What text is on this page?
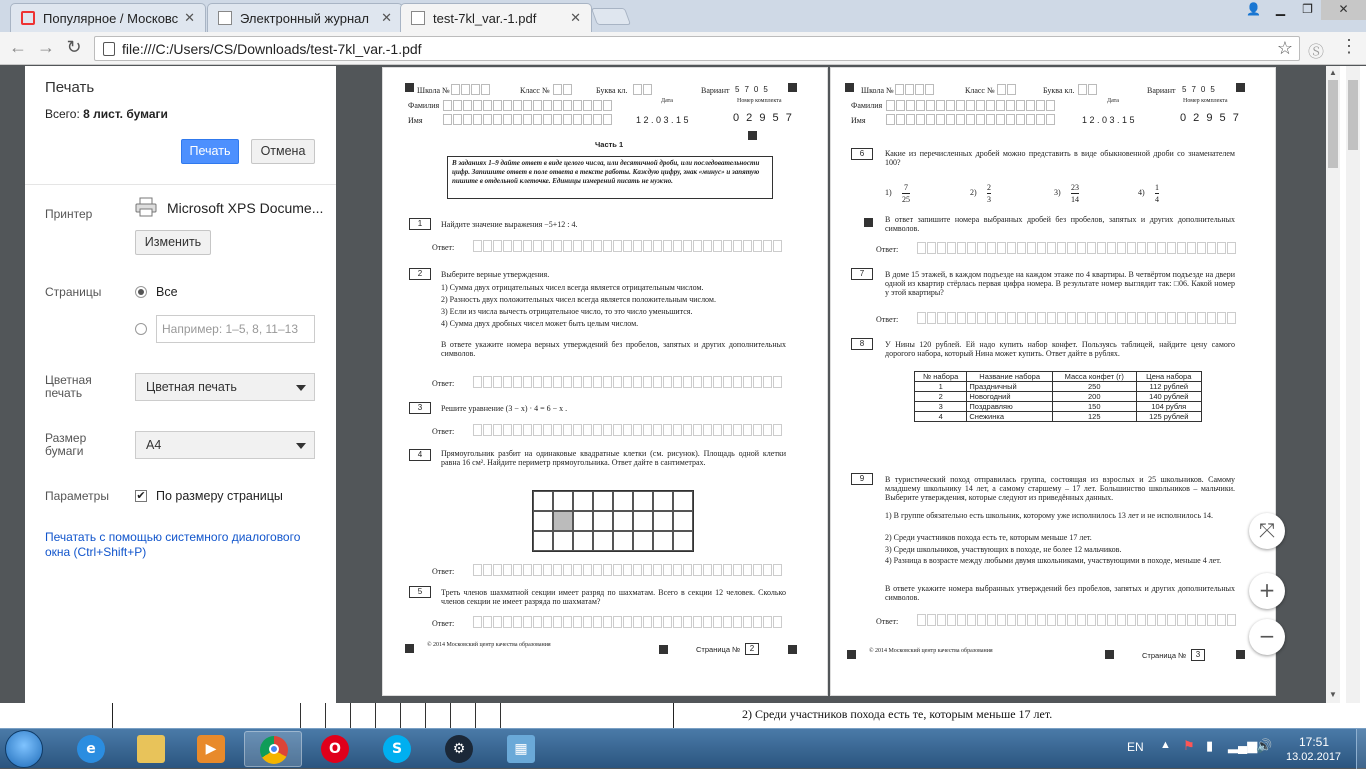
Популярное / Московс ✕	Электронный журнал ✕	test-7kl_var.-1.pdf	✕
👤	▁	❐	✕
← → ↻	file:///C:/Users/CS/Downloads/test-7kl_var.-1.pdf	☆ Ⓢ ⋮
Печать
Всего: 8 лист. бумаги
Печать	Отмена
Принтер	Microsoft XPS Docume...
Изменить
Страницы	Все
Например: 1–5, 8, 11–13
Цветная печать	Цветная печать
Размер бумаги	A4
Параметры ✔ По размеру страницы
Печатать с помощью системного диалогового окна (Ctrl+Shift+P)
Школа №	Класс №	Буква кл.	Вариант 5705
Фамилия	Дата	Номер комплекта
Имя	1 2 . 0 3 . 1 5	0 2 9 5 7
Часть 1
В заданиях 1–9 дайте ответ в виде целого числа, или десятичной дроби, или последовательности цифр. Запишите ответ в поле ответа в тексте работы. Каждую цифру, знак «минус» и запятую пишите в отдельной клеточке. Единицы измерений писать не нужно.
1	Найдите значение выражения −5+12 : 4.
Ответ:
2	Выберите верные утверждения.
1) Сумма двух отрицательных чисел всегда является отрицательным числом.
2) Разность двух положительных чисел всегда является положительным числом.
3) Если из числа вычесть отрицательное число, то это число уменьшится.
4) Сумма двух дробных чисел может быть целым числом.
В ответе укажите номера верных утверждений без пробелов, запятых и других дополнительных символов.
Ответ:
3	Решите уравнение (3 − x) · 4 = 6 − x .
Ответ:
4	Прямоугольник разбит на одинаковые квадратные клетки (см. рисунок). Площадь одной клетки равна 16 см². Найдите периметр прямоугольника. Ответ дайте в сантиметрах.
Ответ:
5	Треть членов шахматной секции имеет разряд по шахматам. Всего в секции 12 человек. Сколько членов секции не имеет разряда по шахматам?
Ответ:
© 2014 Московский центр качества образования	Страница №	2
Школа №	Класс №	Буква кл.	Вариант 5705
Фамилия	Дата	Номер комплекта
Имя	1 2 . 0 3 . 1 5	0 2 9 5 7
6	Какие из перечисленных дробей можно представить в виде обыкновенной дроби со знаменателем 100?
1)
7
25
2)
2
3
3)
23
14
4)
1
4
В ответ запишите номера выбранных дробей без пробелов, запятых и других дополнительных символов.
Ответ:
7	В доме 15 этажей, в каждом подъезде на каждом этаже по 4 квартиры. В четвёртом подъезде на двери одной из квартир стёрлась первая цифра номера. В результате номер выглядит так: □06. Какой номер у этой квартиры?
Ответ:
8	У Нины 120 рублей. Ей надо купить набор конфет. Пользуясь таблицей, найдите цену самого дорогого набора, который Нина может купить. Ответ дайте в рублях.
№ набора	Название набора	Масса конфет (г)	Цена набора
1	Праздничный	250	112 рублей
2	Новогодний	200	140 рублей
3	Поздравляю	150	104 рубля
4	Снежинка	125	125 рублей
9	В туристический поход отправилась группа, состоящая из взрослых и 25 школьников. Самому младшему школьнику 14 лет, а самому старшему – 17 лет. Большинство школьников – мальчики. Выберите утверждения, которые следуют из приведённых данных.
1) В группе обязательно есть школьник, которому уже исполнилось 13 лет и не исполнилось 14.
2) Среди участников похода есть те, которым меньше 17 лет.
3) Среди школьников, участвующих в походе, не более 12 мальчиков.
4) Разница в возрасте между любыми двумя школьниками, участвующими в походе, меньше 4 лет.
В ответе укажите номера выбранных утверждений без пробелов, запятых и других дополнительных символов.
Ответ:
© 2014 Московский центр качества образования	Страница №	3
⤧
+
−
▲
▼
2) Среди участников похода есть те, которым меньше 17 лет.
e	▶	O	S	⚙	▦	EN ▲ ⚑ ▮ ▂▄▆
🔊 17:51
13.02.2017
